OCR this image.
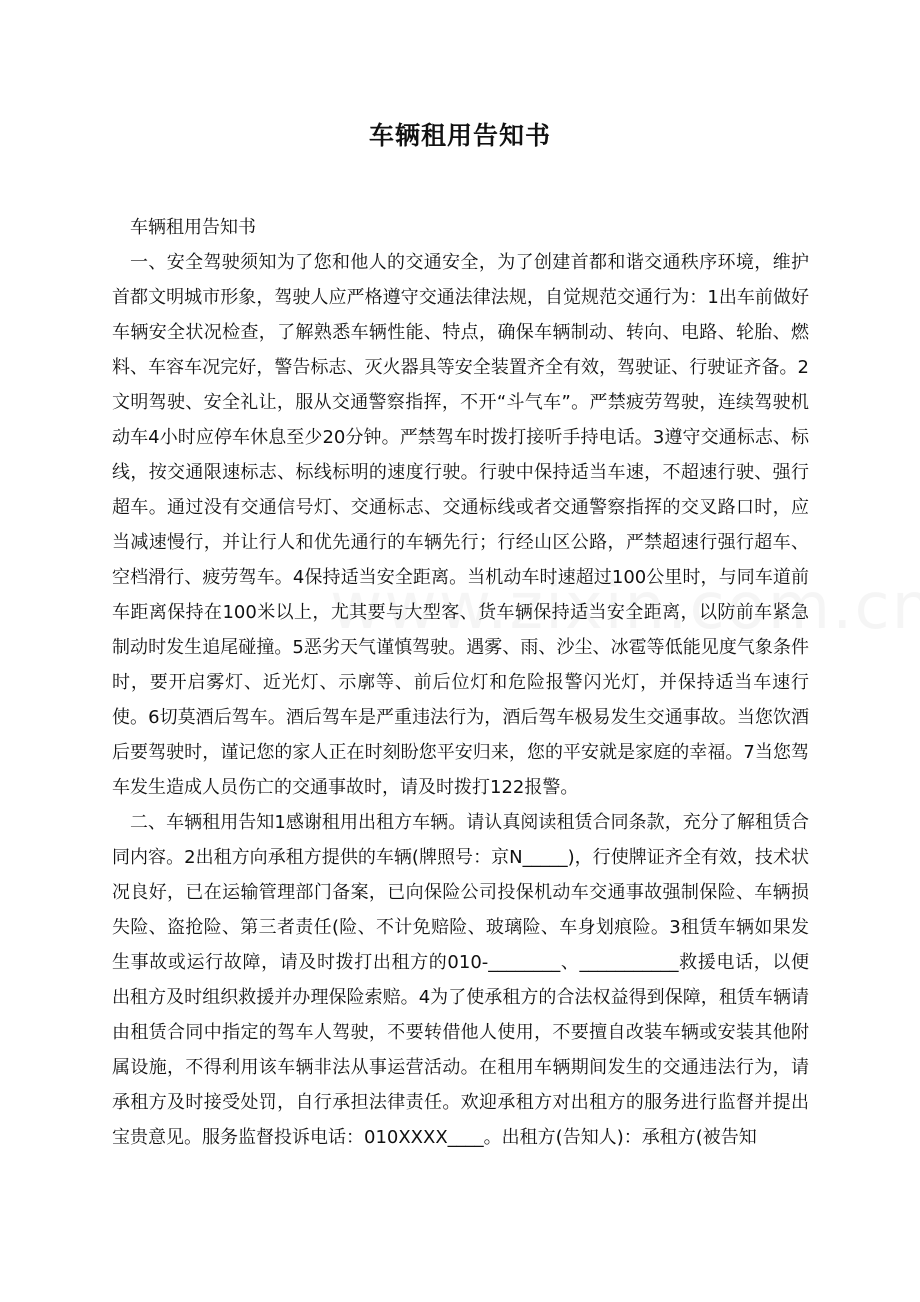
车辆租用告知书

车辆租用告知书

一、安全驾驶须知为了您和他人的交通安全，为了创建首都和谐交通秩序环境，维护首都文明城市形象，驾驶人应严格遵守交通法律法规，自觉规范交通行为：1出车前做好车辆安全状况检查，了解熟悉车辆性能、特点，确保车辆制动、转向、电路、轮胎、燃料、车容车况完好，警告标志、灭火器具等安全装置齐全有效，驾驶证、行驶证齐备。2文明驾驶、安全礼让，服从交通警察指挥，不开“斗气车”。严禁疲劳驾驶，连续驾驶机动车4小时应停车休息至少20分钟。严禁驾车时拨打接听手持电话。3遵守交通标志、标线，按交通限速标志、标线标明的速度行驶。行驶中保持适当车速，不超速行驶、强行超车。通过没有交通信号灯、交通标志、交通标线或者交通警察指挥的交叉路口时，应当减速慢行，并让行人和优先通行的车辆先行；行经山区公路，严禁超速行强行超车、空档滑行、疲劳驾车。4保持适当安全距离。当机动车时速超过100公里时，与同车道前车距离保持在100米以上，尤其要与大型客、货车辆保持适当安全距离，以防前车紧急制动时发生追尾碰撞。5恶劣天气谨慎驾驶。遇雾、雨、沙尘、冰雹等低能见度气象条件时，要开启雾灯、近光灯、示廓等、前后位灯和危险报警闪光灯，并保持适当车速行使。6切莫酒后驾车。酒后驾车是严重违法行为，酒后驾车极易发生交通事故。当您饮酒后要驾驶时，谨记您的家人正在时刻盼您平安归来，您的平安就是家庭的幸福。7当您驾车发生造成人员伤亡的交通事故时，请及时拨打122报警。

二、车辆租用告知1感谢租用出租方车辆。请认真阅读租赁合同条款，充分了解租赁合同内容。2出租方向承租方提供的车辆(牌照号：京N_____)，行使牌证齐全有效，技术状况良好，已在运输管理部门备案，已向保险公司投保机动车交通事故强制保险、车辆损失险、盗抢险、第三者责任(险、不计免赔险、玻璃险、车身划痕险。3租赁车辆如果发生事故或运行故障，请及时拨打出租方的010-________、___________救援电话，以便出租方及时组织救援并办理保险索赔。4为了使承租方的合法权益得到保障，租赁车辆请由租赁合同中指定的驾车人驾驶，不要转借他人使用，不要擅自改装车辆或安装其他附属设施，不得利用该车辆非法从事运营活动。在租用车辆期间发生的交通违法行为，请承租方及时接受处罚，自行承担法律责任。欢迎承租方对出租方的服务进行监督并提出宝贵意见。服务监督投诉电话：010XXXX____。出租方(告知人)：承租方(被告知
